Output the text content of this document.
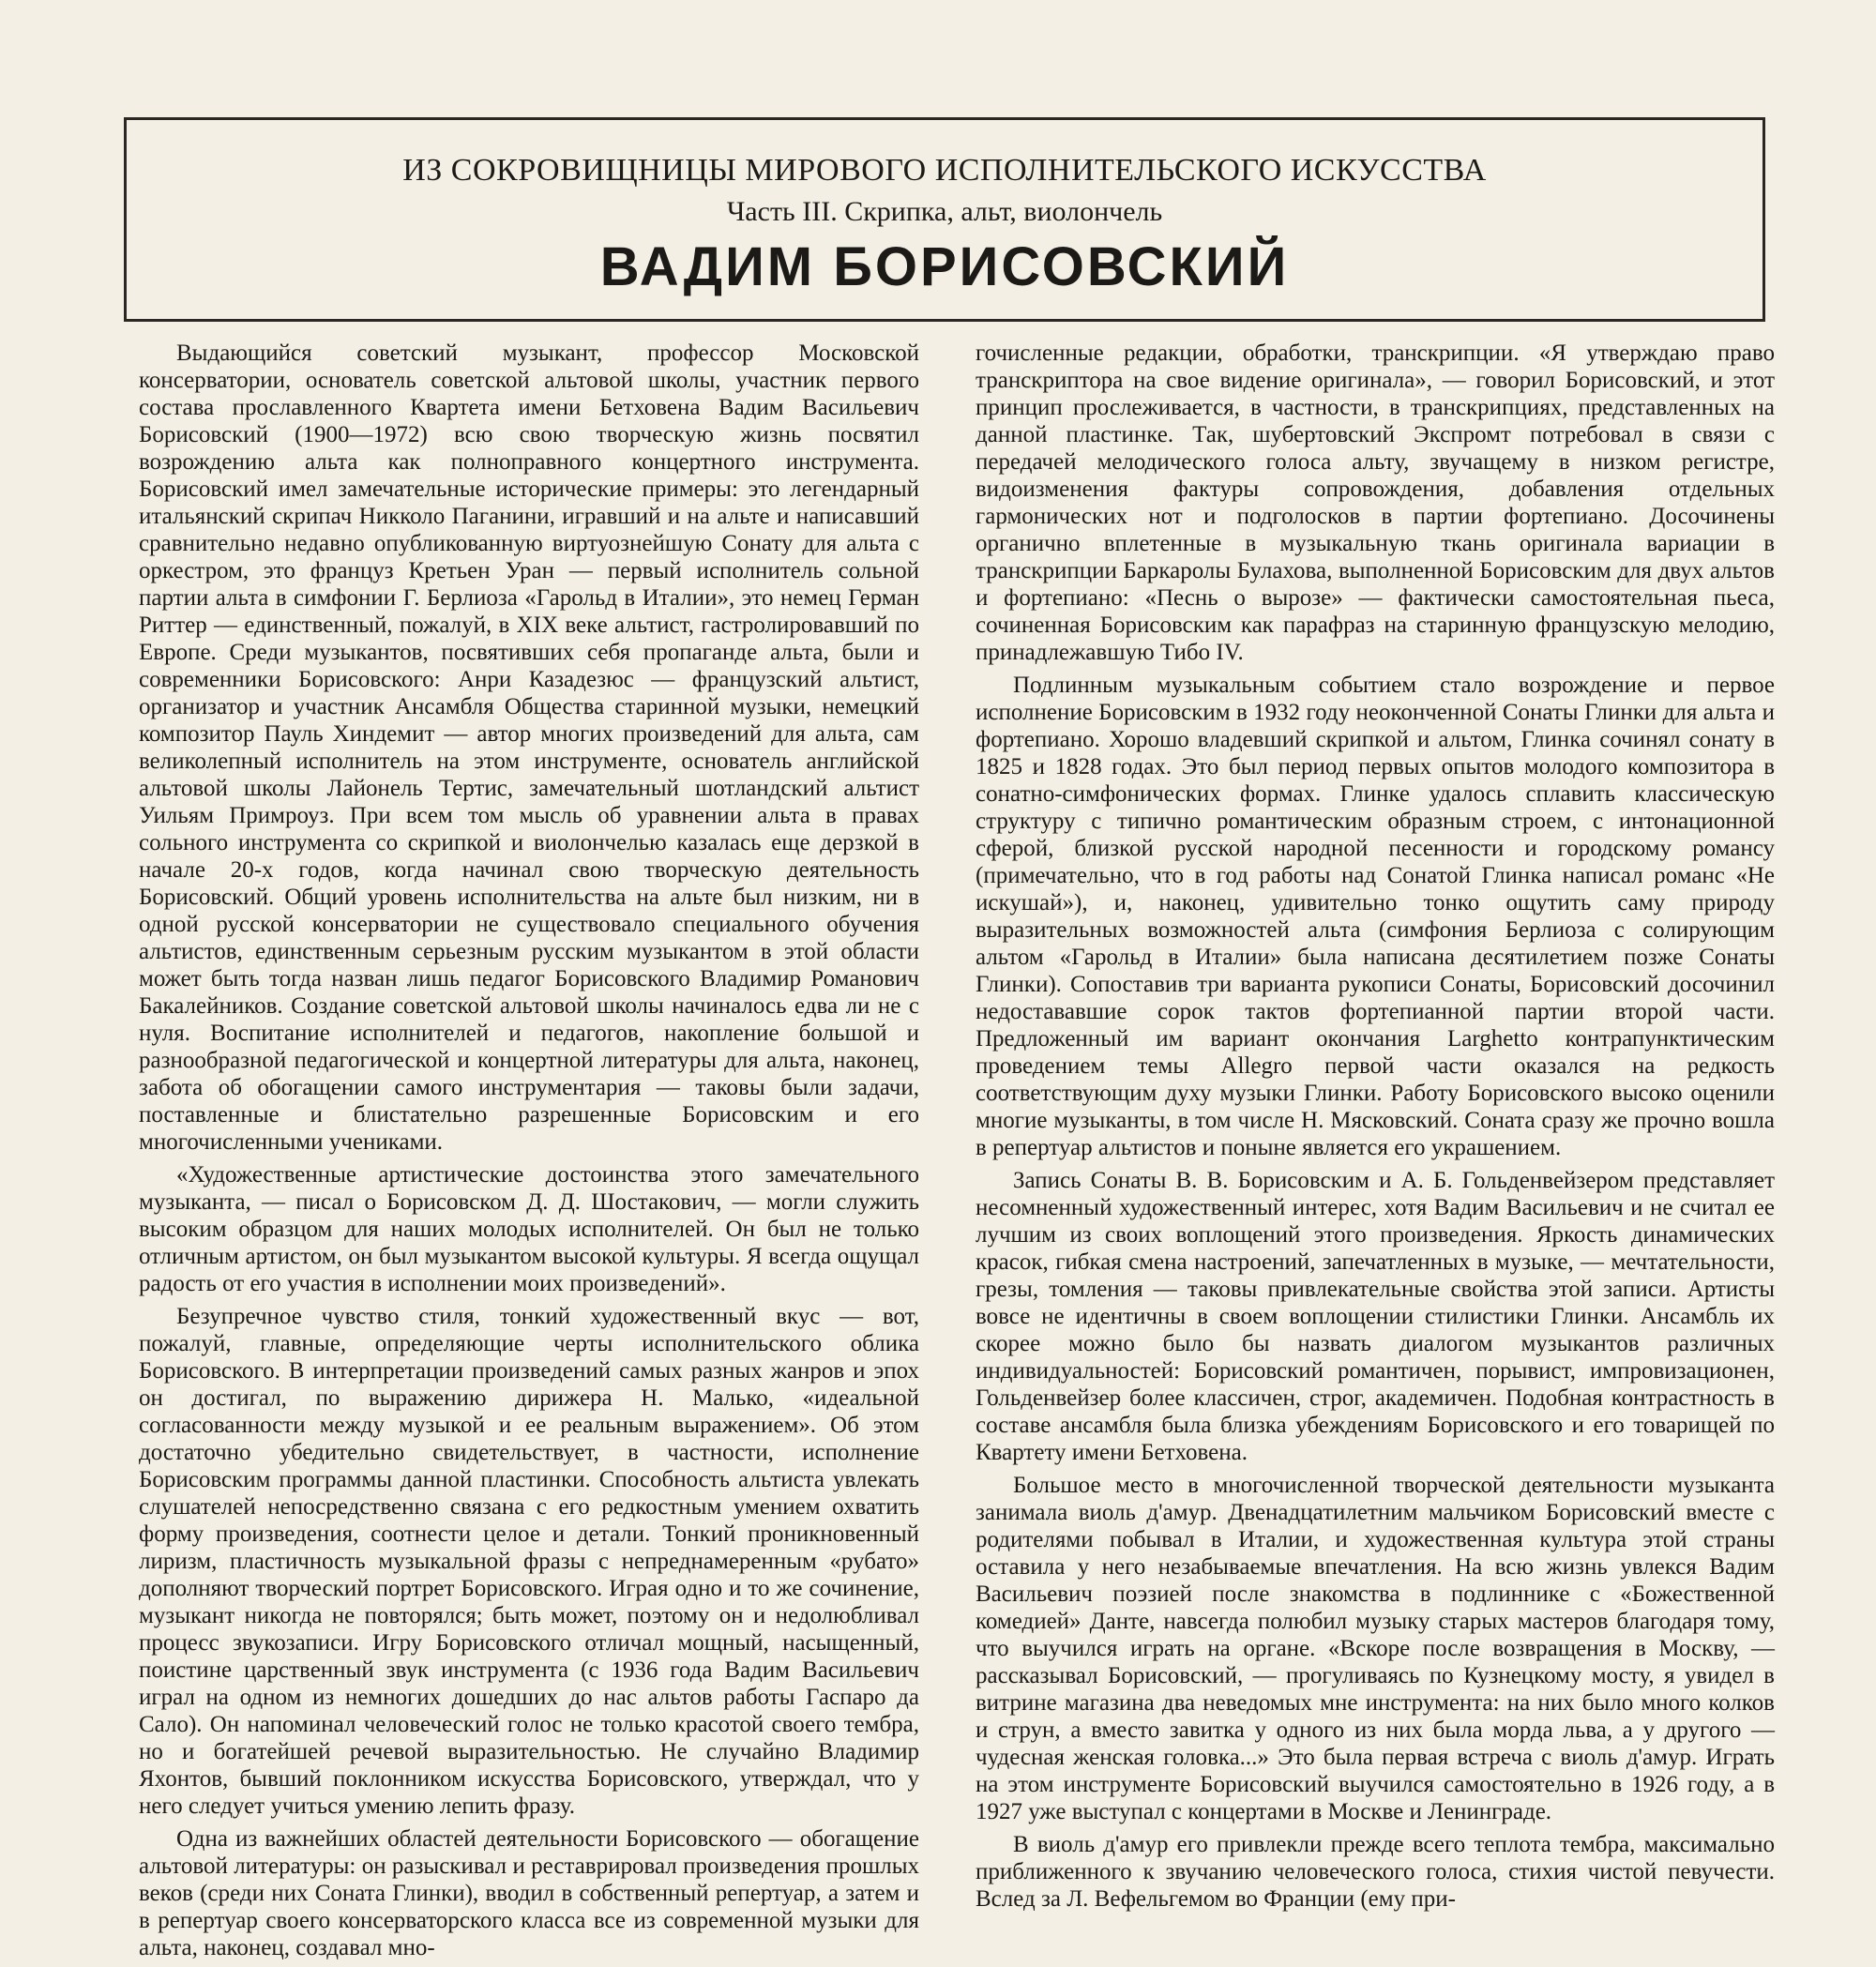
ИЗ СОКРОВИЩНИЦЫ МИРОВОГО ИСПОЛНИТЕЛЬСКОГО ИСКУССТВА
Часть III. Скрипка, альт, виолончель
ВАДИМ БОРИСОВСКИЙ

Выдающийся советский музыкант, профессор Московской консерватории, основатель советской альтовой школы, участник первого состава прославленного Квартета имени Бетховена Вадим Васильевич Борисовский (1900—1972) всю свою творческую жизнь посвятил возрождению альта как полноправного концертного инструмента. Борисовский имел замечательные исторические примеры: это легендарный итальянский скрипач Никколо Паганини, игравший и на альте и написавший сравнительно недавно опубликованную виртуознейшую Сонату для альта с оркестром, это француз Кретьен Уран — первый исполнитель сольной партии альта в симфонии Г. Берлиоза «Гарольд в Италии», это немец Герман Риттер — единственный, пожалуй, в XIX веке альтист, гастролировавший по Европе. Среди музыкантов, посвятивших себя пропаганде альта, были и современники Борисовского: Анри Казадезюс — французский альтист, организатор и участник Ансамбля Общества старинной музыки, немецкий композитор Пауль Хиндемит — автор многих произведений для альта, сам великолепный исполнитель на этом инструменте, основатель английской альтовой школы Лайонель Тертис, замечательный шотландский альтист Уильям Примроуз. При всем том мысль об уравнении альта в правах сольного инструмента со скрипкой и виолончелью казалась еще дерзкой в начале 20-х годов, когда начинал свою творческую деятельность Борисовский. Общий уровень исполнительства на альте был низким, ни в одной русской консерватории не существовало специального обучения альтистов, единственным серьезным русским музыкантом в этой области может быть тогда назван лишь педагог Борисовского Владимир Романович Бакалейников. Создание советской альтовой школы начиналось едва ли не с нуля. Воспитание исполнителей и педагогов, накопление большой и разнообразной педагогической и концертной литературы для альта, наконец, забота об обогащении самого инструментария — таковы были задачи, поставленные и блистательно разрешенные Борисовским и его многочисленными учениками.

«Художественные артистические достоинства этого замечательного музыканта, — писал о Борисовском Д. Д. Шостакович, — могли служить высоким образцом для наших молодых исполнителей. Он был не только отличным артистом, он был музыкантом высокой культуры. Я всегда ощущал радость от его участия в исполнении моих произведений».

Безупречное чувство стиля, тонкий художественный вкус — вот, пожалуй, главные, определяющие черты исполнительского облика Борисовского. В интерпретации произведений самых разных жанров и эпох он достигал, по выражению дирижера Н. Малько, «идеальной согласованности между музыкой и ее реальным выражением». Об этом достаточно убедительно свидетельствует, в частности, исполнение Борисовским программы данной пластинки. Способность альтиста увлекать слушателей непосредственно связана с его редкостным умением охватить форму произведения, соотнести целое и детали. Тонкий проникновенный лиризм, пластичность музыкальной фразы с непреднамеренным «рубато» дополняют творческий портрет Борисовского. Играя одно и то же сочинение, музыкант никогда не повторялся; быть может, поэтому он и недолюбливал процесс звукозаписи. Игру Борисовского отличал мощный, насыщенный, поистине царственный звук инструмента (с 1936 года Вадим Васильевич играл на одном из немногих дошедших до нас альтов работы Гаспаро да Сало). Он напоминал человеческий голос не только красотой своего тембра, но и богатейшей речевой выразительностью. Не случайно Владимир Яхонтов, бывший поклонником искусства Борисовского, утверждал, что у него следует учиться умению лепить фразу.

Одна из важнейших областей деятельности Борисовского — обогащение альтовой литературы: он разыскивал и реставрировал произведения прошлых веков (среди них Соната Глинки), вводил в собственный репертуар, а затем и в репертуар своего консерваторского класса все из современной музыки для альта, наконец, создавал мно-

гочисленные редакции, обработки, транскрипции. «Я утверждаю право транскриптора на свое видение оригинала», — говорил Борисовский, и этот принцип прослеживается, в частности, в транскрипциях, представленных на данной пластинке. Так, шубертовский Экспромт потребовал в связи с передачей мелодического голоса альту, звучащему в низком регистре, видоизменения фактуры сопровождения, добавления отдельных гармонических нот и подголосков в партии фортепиано. Досочинены органично вплетенные в музыкальную ткань оригинала вариации в транскрипции Баркаролы Булахова, выполненной Борисовским для двух альтов и фортепиано: «Песнь о вырозе» — фактически самостоятельная пьеса, сочиненная Борисовским как парафраз на старинную французскую мелодию, принадлежавшую Тибо IV.

Подлинным музыкальным событием стало возрождение и первое исполнение Борисовским в 1932 году неоконченной Сонаты Глинки для альта и фортепиано. Хорошо владевший скрипкой и альтом, Глинка сочинял сонату в 1825 и 1828 годах. Это был период первых опытов молодого композитора в сонатно-симфонических формах. Глинке удалось сплавить классическую структуру с типично романтическим образным строем, с интонационной сферой, близкой русской народной песенности и городскому романсу (примечательно, что в год работы над Сонатой Глинка написал романс «Не искушай»), и, наконец, удивительно тонко ощутить саму природу выразительных возможностей альта (симфония Берлиоза с солирующим альтом «Гарольд в Италии» была написана десятилетием позже Сонаты Глинки). Сопоставив три варианта рукописи Сонаты, Борисовский досочинил недостававшие сорок тактов фортепианной партии второй части. Предложенный им вариант окончания Larghetto контрапунктическим проведением темы Allegro первой части оказался на редкость соответствующим духу музыки Глинки. Работу Борисовского высоко оценили многие музыканты, в том числе Н. Мясковский. Соната сразу же прочно вошла в репертуар альтистов и поныне является его украшением.

Запись Сонаты В. В. Борисовским и А. Б. Гольденвейзером представляет несомненный художественный интерес, хотя Вадим Васильевич и не считал ее лучшим из своих воплощений этого произведения. Яркость динамических красок, гибкая смена настроений, запечатленных в музыке, — мечтательности, грезы, томления — таковы привлекательные свойства этой записи. Артисты вовсе не идентичны в своем воплощении стилистики Глинки. Ансамбль их скорее можно было бы назвать диалогом музыкантов различных индивидуальностей: Борисовский романтичен, порывист, импровизационен, Гольденвейзер более классичен, строг, академичен. Подобная контрастность в составе ансамбля была близка убеждениям Борисовского и его товарищей по Квартету имени Бетховена.

Большое место в многочисленной творческой деятельности музыканта занимала виоль д'амур. Двенадцатилетним мальчиком Борисовский вместе с родителями побывал в Италии, и художественная культура этой страны оставила у него незабываемые впечатления. На всю жизнь увлекся Вадим Васильевич поэзией после знакомства в подлиннике с «Божественной комедией» Данте, навсегда полюбил музыку старых мастеров благодаря тому, что выучился играть на органе. «Вскоре после возвращения в Москву, — рассказывал Борисовский, — прогуливаясь по Кузнецкому мосту, я увидел в витрине магазина два неведомых мне инструмента: на них было много колков и струн, а вместо завитка у одного из них была морда льва, а у другого — чудесная женская головка...» Это была первая встреча с виоль д'амур. Играть на этом инструменте Борисовский выучился самостоятельно в 1926 году, а в 1927 уже выступал с концертами в Москве и Ленинграде.

В виоль д'амур его привлекли прежде всего теплота тембра, максимально приближенного к звучанию человеческого голоса, стихия чистой певучести. Вслед за Л. Вефельгемом во Франции (ему при-
